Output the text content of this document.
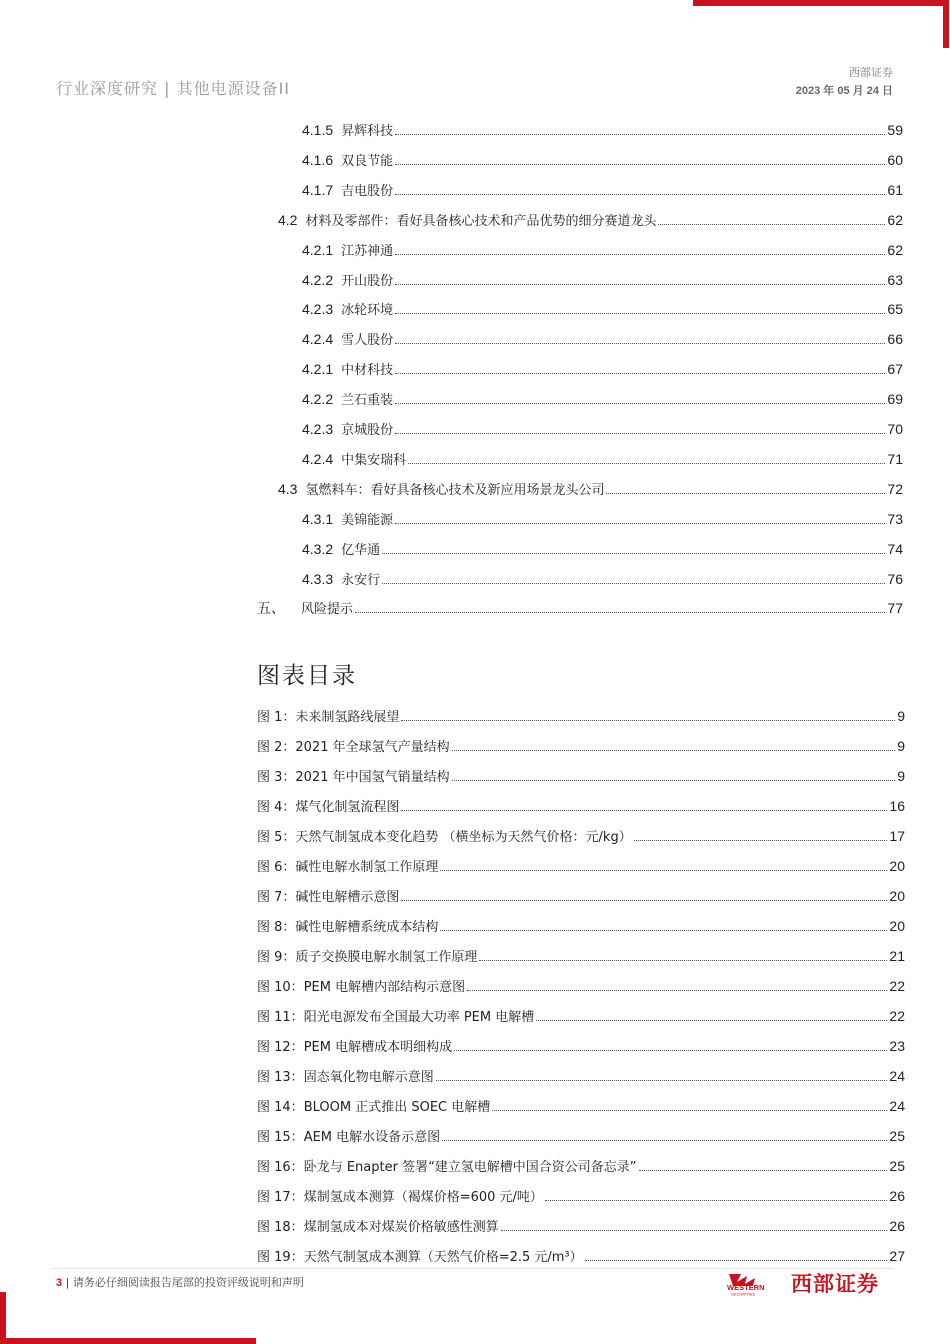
行业深度研究 | 其他电源设备II
西部证券
2023 年 05 月 24 日
4.1.5 昇辉科技	59
4.1.6 双良节能	60
4.1.7 吉电股份	61
4.2 材料及零部件：看好具备核心技术和产品优势的细分赛道龙头	62
4.2.1 江苏神通	62
4.2.2 开山股份	63
4.2.3 冰轮环境	65
4.2.4 雪人股份	66
4.2.1 中材科技	67
4.2.2 兰石重装	69
4.2.3 京城股份	70
4.2.4 中集安瑞科	71
4.3 氢燃料车：看好具备核心技术及新应用场景龙头公司	72
4.3.1 美锦能源	73
4.3.2 亿华通	74
4.3.3 永安行	76
五、 风险提示	77
图表目录
图 1： 未来制氢路线展望	9
图 2： 2021 年全球氢气产量结构	9
图 3： 2021 年中国氢气销量结构	9
图 4： 煤气化制氢流程图	16
图 5： 天然气制氢成本变化趋势 （横坐标为天然气价格：元/kg）	17
图 6： 碱性电解水制氢工作原理	20
图 7： 碱性电解槽示意图	20
图 8： 碱性电解槽系统成本结构	20
图 9： 质子交换膜电解水制氢工作原理	21
图 10： PEM 电解槽内部结构示意图	22
图 11： 阳光电源发布全国最大功率 PEM 电解槽	22
图 12： PEM 电解槽成本明细构成	23
图 13： 固态氧化物电解示意图	24
图 14： BLOOM 正式推出 SOEC 电解槽	24
图 15： AEM 电解水设备示意图	25
图 16： 卧龙与 Enapter 签署“建立氢电解槽中国合资公司备忘录”	25
图 17： 煤制氢成本测算（褐煤价格=600 元/吨）	26
图 18： 煤制氢成本对煤炭价格敏感性测算	26
图 19： 天然气制氢成本测算（天然气价格=2.5 元/m³）	27
3 | 请务必仔细阅读报告尾部的投资评级说明和声明	WESTERN
SECURITIES 西部证券
